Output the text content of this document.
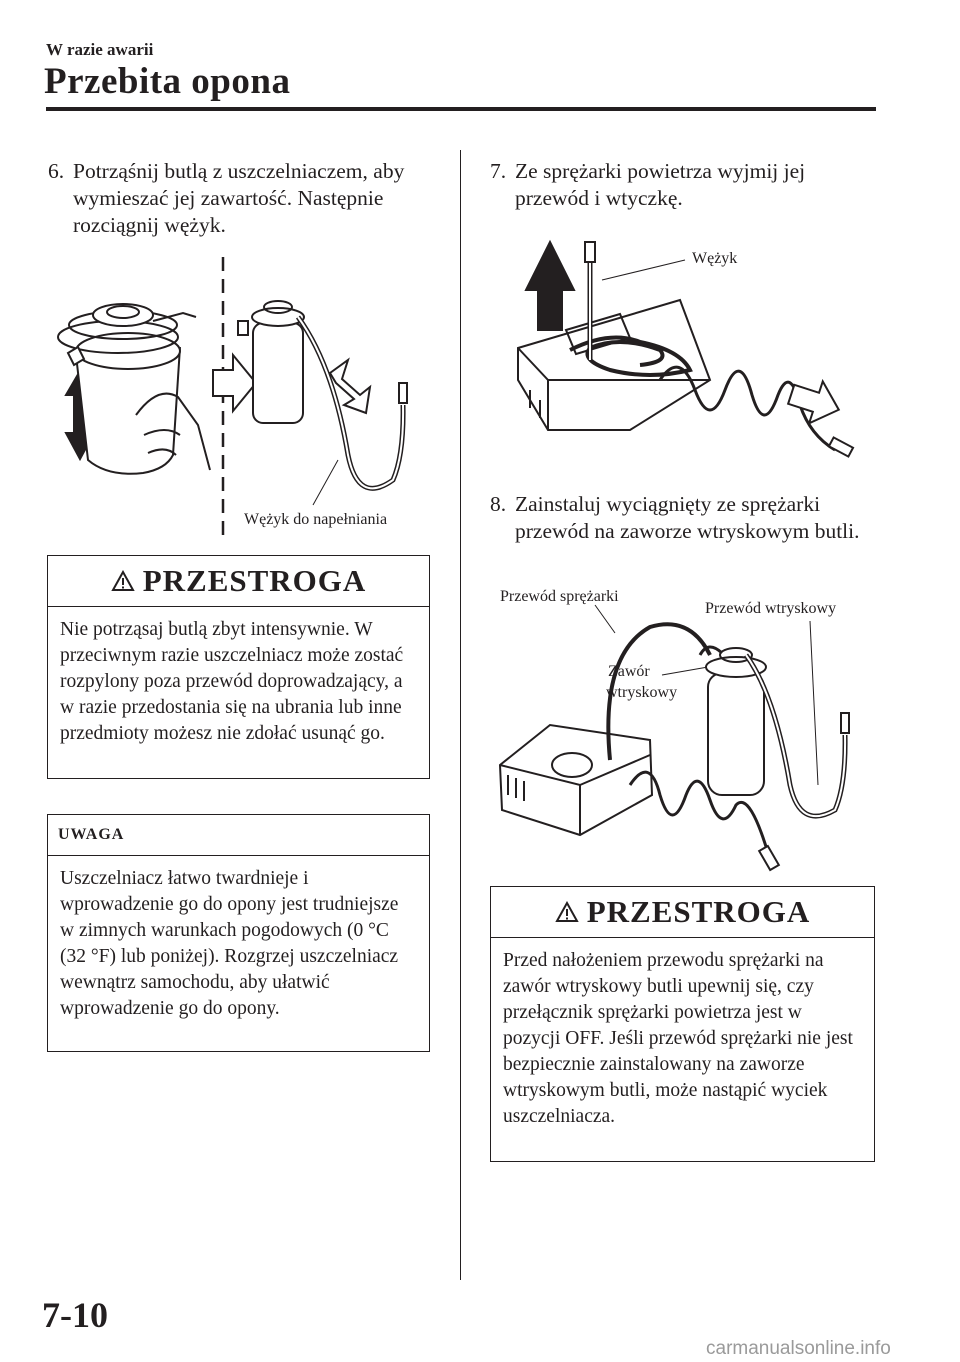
W razie awarii
Przebita opona
6. Potrząśnij butlą z uszczelniaczem, aby wymieszać jej zawartość. Następnie rozciągnij wężyk.
Wężyk do napełniania
PRZESTROGA
Nie potrząsaj butlą zbyt intensywnie. W przeciwnym razie uszczelniacz może zostać rozpylony poza przewód doprowadzający, a w razie przedostania się na ubrania lub inne przedmioty możesz nie zdołać usunąć go.
UWAGA
Uszczelniacz łatwo twardnieje i wprowadzenie go do opony jest trudniejsze w zimnych warunkach pogodowych (0 °C (32 °F) lub poniżej). Rozgrzej uszczelniacz wewnątrz samochodu, aby ułatwić wprowadzenie go do opony.
7. Ze sprężarki powietrza wyjmij jej przewód i wtyczkę.
Wężyk
8. Zainstaluj wyciągnięty ze sprężarki przewód na zaworze wtryskowym butli.
Przewód sprężarki
Przewód wtryskowy
Zawór
wtryskowy
PRZESTROGA
Przed nałożeniem przewodu sprężarki na zawór wtryskowy butli upewnij się, czy przełącznik sprężarki powietrza jest w pozycji OFF. Jeśli przewód sprężarki nie jest bezpiecznie zainstalowany na zaworze wtryskowym butli, może nastąpić wyciek uszczelniacza.
7-10
carmanualsonline.info
